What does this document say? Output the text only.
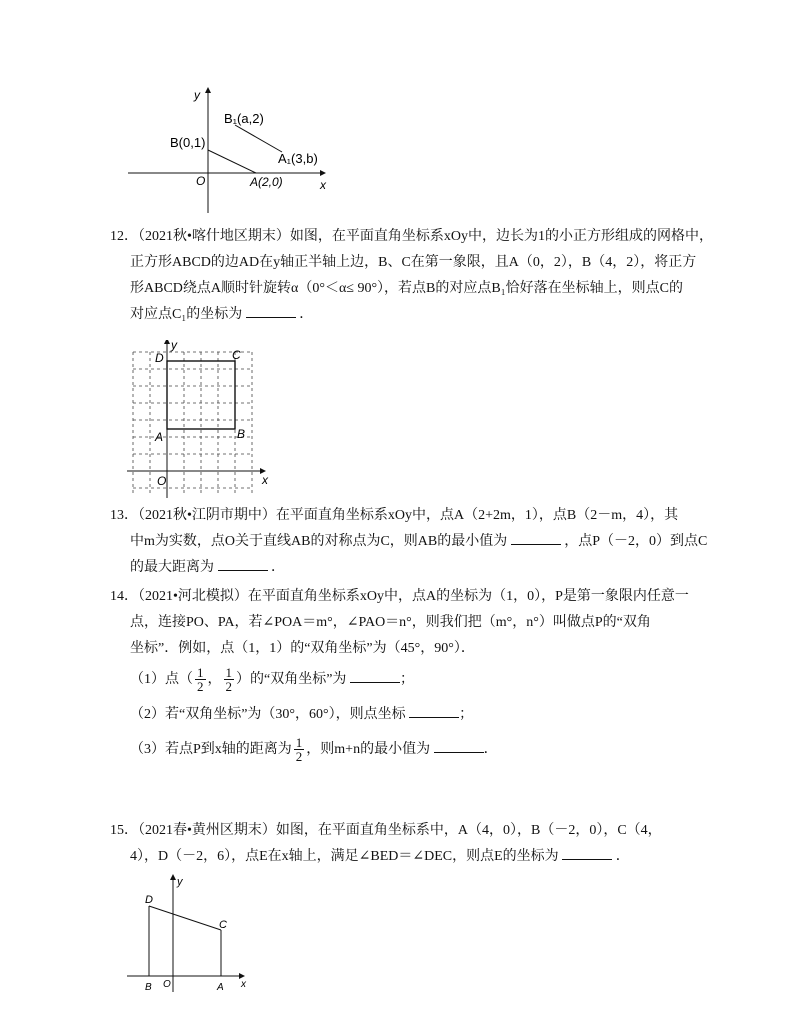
y
B(0,1)
B₁(a,2)
A₁(3,b)
O	A(2,0)	x

12．（2021秋•喀什地区期末）如图，在平面直角坐标系xOy中，边长为1的小正方形组成的网格中，

正方形ABCD的边AD在y轴正半轴上边，B、C在第一象限，且A（0，2），B（4，2），将正方

形ABCD绕点A顺时针旋转α（0°＜α≤ 90°），若点B的对应点B₁恰好落在坐标轴上，则点C的

对应点C₁的坐标为	．

D
y
C
A	B
O	x

13．（2021秋•江阴市期中）在平面直角坐标系xOy中，点A（2+2m，1），点B（2－m，4），其

中m为实数，点O关于直线AB的对称点为C，则AB的最小值为	，点P（－2，0）到点C

的最大距离为	．

14．（2021•河北模拟）在平面直角坐标系xOy中，点A的坐标为（1，0），P是第一象限内任意一

点，连接PO、PA，若∠POA＝m°，∠PAO＝n°，则我们把（m°，n°）叫做点P的“双角

坐标”．例如，点（1，1）的“双角坐标”为（45°，90°）．

（1）点（ $\frac{1}{2}$ ， $\frac{1}{2}$ ）的“双角坐标”为	；

（2）若“双角坐标”为（30°，60°），则点坐标	；

（3）若点P到x轴的距离为 $\frac{1}{2}$ ，则m+n的最小值为	．

15．（2021春•黄州区期末）如图，在平面直角坐标系中，A（4，0），B（－2，0），C（4，

4），D（－2，6），点E在x轴上，满足∠BED＝∠DEC，则点E的坐标为	．

y
D
C
B O	A x
